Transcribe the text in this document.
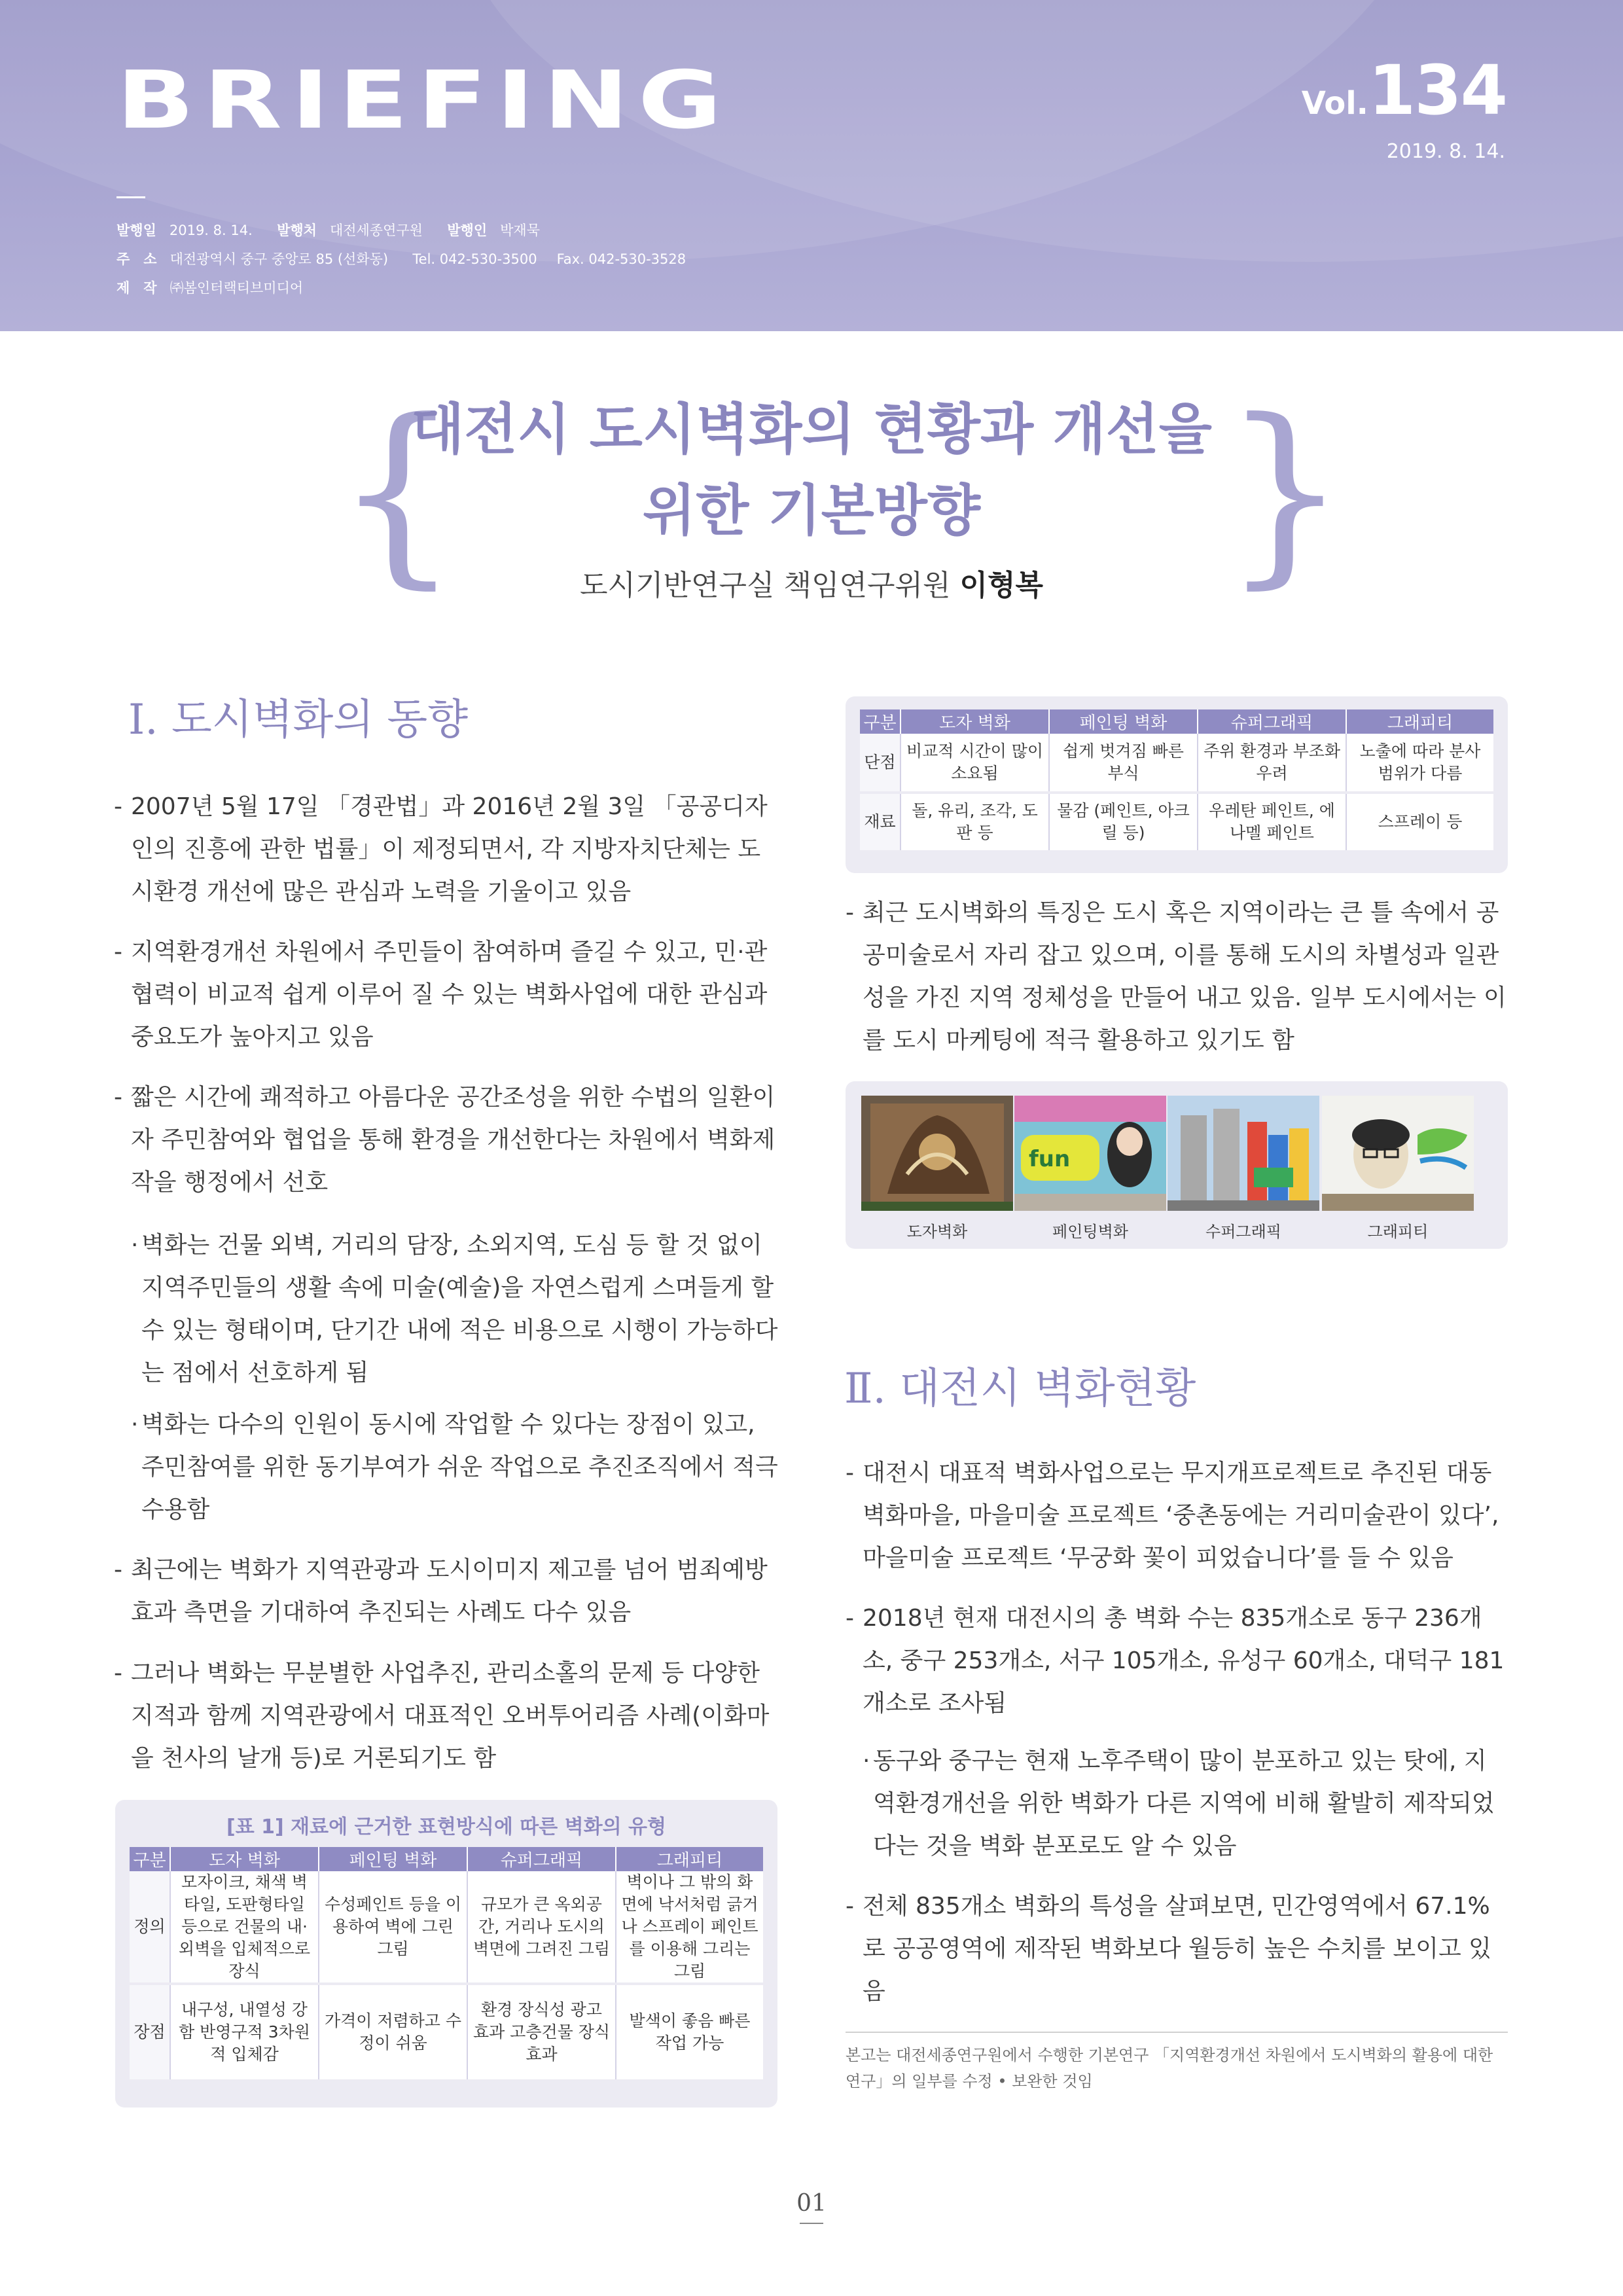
BRIEFING	Vol.134
2019. 8. 14.
발행일 2019. 8. 14. 발행처 대전세종연구원 발행인 박재묵
주　소 대전광역시 중구 중앙로 85 (선화동) Tel. 042-530-3500 Fax. 042-530-3528
제　작 ㈜봄인터랙티브미디어
{	}
대전시 도시벽화의 현황과 개선을
위한 기본방향
도시기반연구실 책임연구위원 이형복
Ⅰ. 도시벽화의 동향
- 2007년 5월 17일 「경관법」과 2016년 2월 3일 「공공디자인의 진흥에 관한 법률」이 제정되면서, 각 지방자치단체는 도시환경 개선에 많은 관심과 노력을 기울이고 있음
- 지역환경개선 차원에서 주민들이 참여하며 즐길 수 있고, 민·관 협력이 비교적 쉽게 이루어 질 수 있는 벽화사업에 대한 관심과 중요도가 높아지고 있음
- 짧은 시간에 쾌적하고 아름다운 공간조성을 위한 수법의 일환이자 주민참여와 협업을 통해 환경을 개선한다는 차원에서 벽화제작을 행정에서 선호
· 벽화는 건물 외벽, 거리의 담장, 소외지역, 도심 등 할 것 없이 지역주민들의 생활 속에 미술(예술)을 자연스럽게 스며들게 할 수 있는 형태이며, 단기간 내에 적은 비용으로 시행이 가능하다는 점에서 선호하게 됨
· 벽화는 다수의 인원이 동시에 작업할 수 있다는 장점이 있고, 주민참여를 위한 동기부여가 쉬운 작업으로 추진조직에서 적극 수용함
- 최근에는 벽화가 지역관광과 도시이미지 제고를 넘어 범죄예방 효과 측면을 기대하여 추진되는 사례도 다수 있음
- 그러나 벽화는 무분별한 사업추진, 관리소홀의 문제 등 다양한 지적과 함께 지역관광에서 대표적인 오버투어리즘 사례(이화마을 천사의 날개 등)로 거론되기도 함
[표 1] 재료에 근거한 표현방식에 따른 벽화의 유형
구분	도자 벽화	페인팅 벽화	슈퍼그래픽	그래피티
정의	모자이크, 채색 벽타일, 도판형타일 등으로 건물의 내·외벽을 입체적으로 장식	수성페인트 등을 이용하여 벽에 그린 그림	규모가 큰 옥외공간, 거리나 도시의 벽면에 그려진 그림	벽이나 그 밖의 화면에 낙서처럼 긁거나 스프레이 페인트를 이용해 그리는 그림
장점	내구성, 내열성 강함 반영구적 3차원적 입체감	가격이 저렴하고 수정이 쉬움	환경 장식성 광고 효과 고층건물 장식 효과	발색이 좋음 빠른 작업 가능
구분	도자 벽화	페인팅 벽화	슈퍼그래픽	그래피티
단점	비교적 시간이 많이 소요됨	쉽게 벗겨짐 빠른 부식	주위 환경과 부조화 우려	노출에 따라 분사 범위가 다름
재료	돌, 유리, 조각, 도판 등	물감 (페인트, 아크릴 등)	우레탄 페인트, 에나멜 페인트	스프레이 등
- 최근 도시벽화의 특징은 도시 혹은 지역이라는 큰 틀 속에서 공공미술로서 자리 잡고 있으며, 이를 통해 도시의 차별성과 일관성을 가진 지역 정체성을 만들어 내고 있음. 일부 도시에서는 이를 도시 마케팅에 적극 활용하고 있기도 함
fun
도자벽화	페인팅벽화	수퍼그래픽	그래피티
Ⅱ. 대전시 벽화현황
- 대전시 대표적 벽화사업으로는 무지개프로젝트로 추진된 대동벽화마을, 마을미술 프로젝트 ‘중촌동에는 거리미술관이 있다’, 마을미술 프로젝트 ‘무궁화 꽃이 피었습니다’를 들 수 있음
- 2018년 현재 대전시의 총 벽화 수는 835개소로 동구 236개소, 중구 253개소, 서구 105개소, 유성구 60개소, 대덕구 181개소로 조사됨
· 동구와 중구는 현재 노후주택이 많이 분포하고 있는 탓에, 지역환경개선을 위한 벽화가 다른 지역에 비해 활발히 제작되었다는 것을 벽화 분포로도 알 수 있음
- 전체 835개소 벽화의 특성을 살펴보면, 민간영역에서 67.1%로 공공영역에 제작된 벽화보다 월등히 높은 수치를 보이고 있음
본고는 대전세종연구원에서 수행한 기본연구 「지역환경개선 차원에서 도시벽화의 활용에 대한 연구」의 일부를 수정 • 보완한 것임
01
